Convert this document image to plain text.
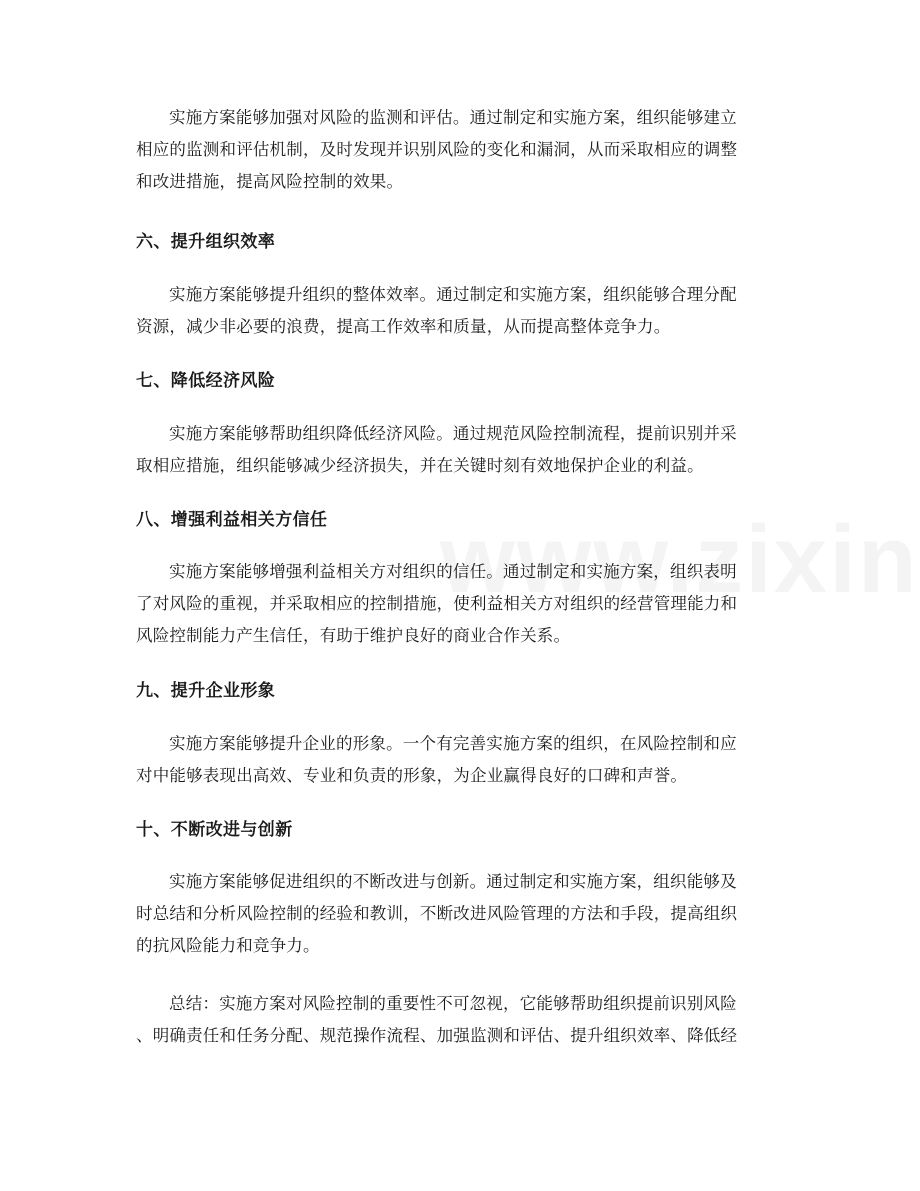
实施方案能够加强对风险的监测和评估。通过制定和实施方案，组织能够建立
相应的监测和评估机制，及时发现并识别风险的变化和漏洞，从而采取相应的调整
和改进措施，提高风险控制的效果。
六、提升组织效率
实施方案能够提升组织的整体效率。通过制定和实施方案，组织能够合理分配
资源，减少非必要的浪费，提高工作效率和质量，从而提高整体竞争力。
七、降低经济风险
实施方案能够帮助组织降低经济风险。通过规范风险控制流程，提前识别并采
取相应措施，组织能够减少经济损失，并在关键时刻有效地保护企业的利益。
八、增强利益相关方信任
实施方案能够增强利益相关方对组织的信任。通过制定和实施方案，组织表明
了对风险的重视，并采取相应的控制措施，使利益相关方对组织的经营管理能力和
风险控制能力产生信任，有助于维护良好的商业合作关系。
九、提升企业形象
实施方案能够提升企业的形象。一个有完善实施方案的组织，在风险控制和应
对中能够表现出高效、专业和负责的形象，为企业赢得良好的口碑和声誉。
十、不断改进与创新
实施方案能够促进组织的不断改进与创新。通过制定和实施方案，组织能够及
时总结和分析风险控制的经验和教训，不断改进风险管理的方法和手段，提高组织
的抗风险能力和竞争力。
总结：实施方案对风险控制的重要性不可忽视，它能够帮助组织提前识别风险
、明确责任和任务分配、规范操作流程、加强监测和评估、提升组织效率、降低经
